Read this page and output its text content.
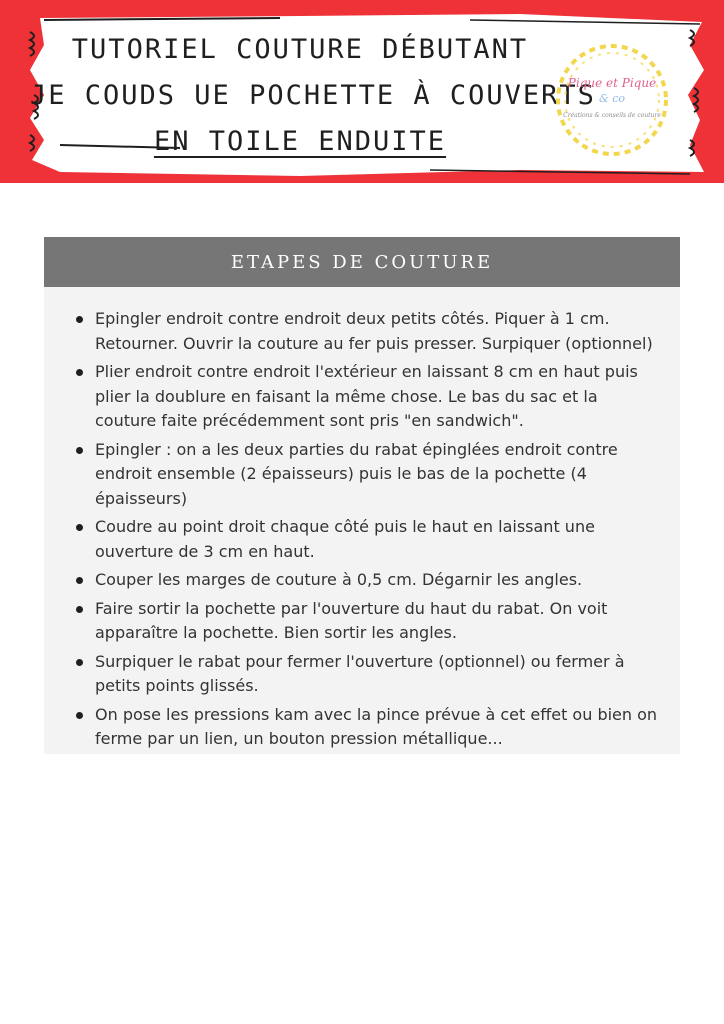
TUTORIEL COUTURE DÉBUTANT
JE COUDS UE POCHETTE À COUVERTS
EN TOILE ENDUITE
Pique et Pique
& co
Créations & conseils de couture
ETAPES DE COUTURE
Epingler endroit contre endroit deux petits côtés. Piquer à 1 cm. Retourner. Ouvrir la couture au fer puis presser. Surpiquer (optionnel)
Plier endroit contre endroit l'extérieur en laissant 8 cm en haut puis plier la doublure en faisant la même chose. Le bas du sac et la couture faite précédemment sont pris "en sandwich".
Epingler : on a les deux parties du rabat épinglées endroit contre endroit ensemble (2 épaisseurs) puis le bas de la pochette (4 épaisseurs)
Coudre au point droit chaque côté puis le haut en laissant une ouverture de 3 cm en haut.
Couper les marges de couture à 0,5 cm. Dégarnir les angles.
Faire sortir la pochette par l'ouverture du haut du rabat. On voit apparaître la pochette. Bien sortir les angles.
Surpiquer le rabat pour fermer l'ouverture (optionnel) ou fermer à petits points glissés.
On pose les pressions kam avec la pince prévue à cet effet ou bien on ferme par un lien, un bouton pression métallique...
